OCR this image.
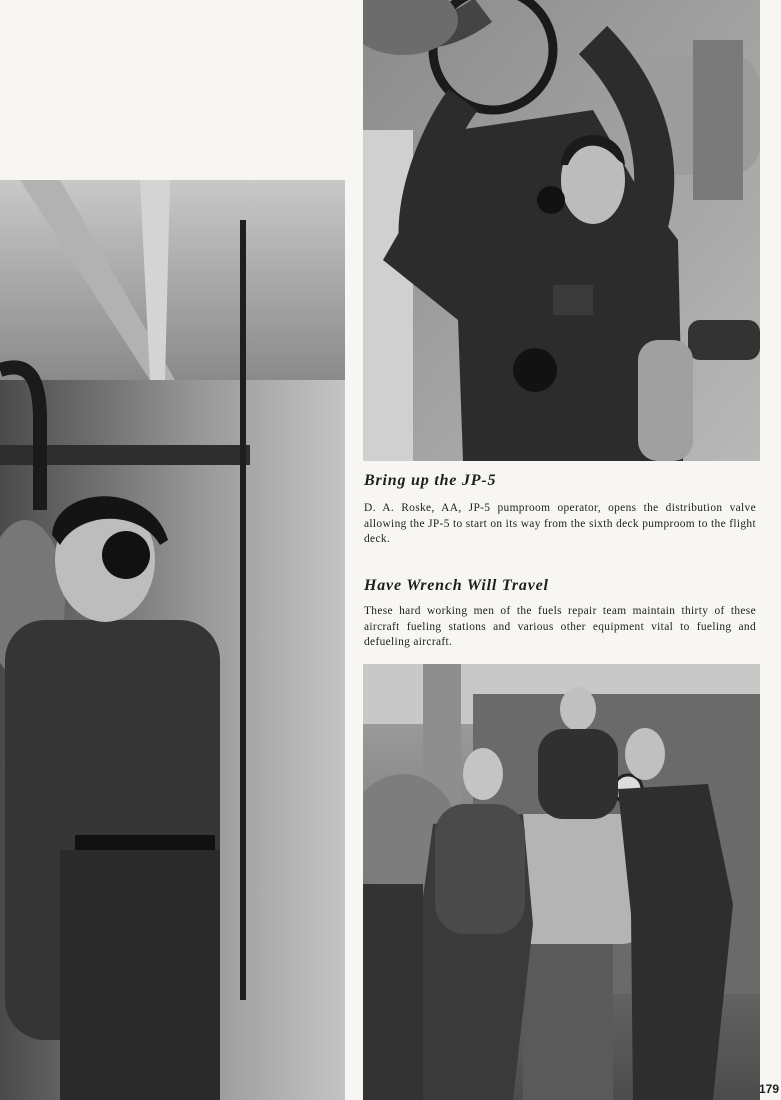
Bring up the JP-5

D. A. Roske, AA, JP-5 pumproom operator, opens the distribution valve allowing the JP-5 to start on its way from the sixth deck pumproom to the flight deck.

Have Wrench Will Travel

These hard working men of the fuels repair team maintain thirty of these aircraft fueling stations and various other equipment vital to fueling and defueling aircraft.

179
